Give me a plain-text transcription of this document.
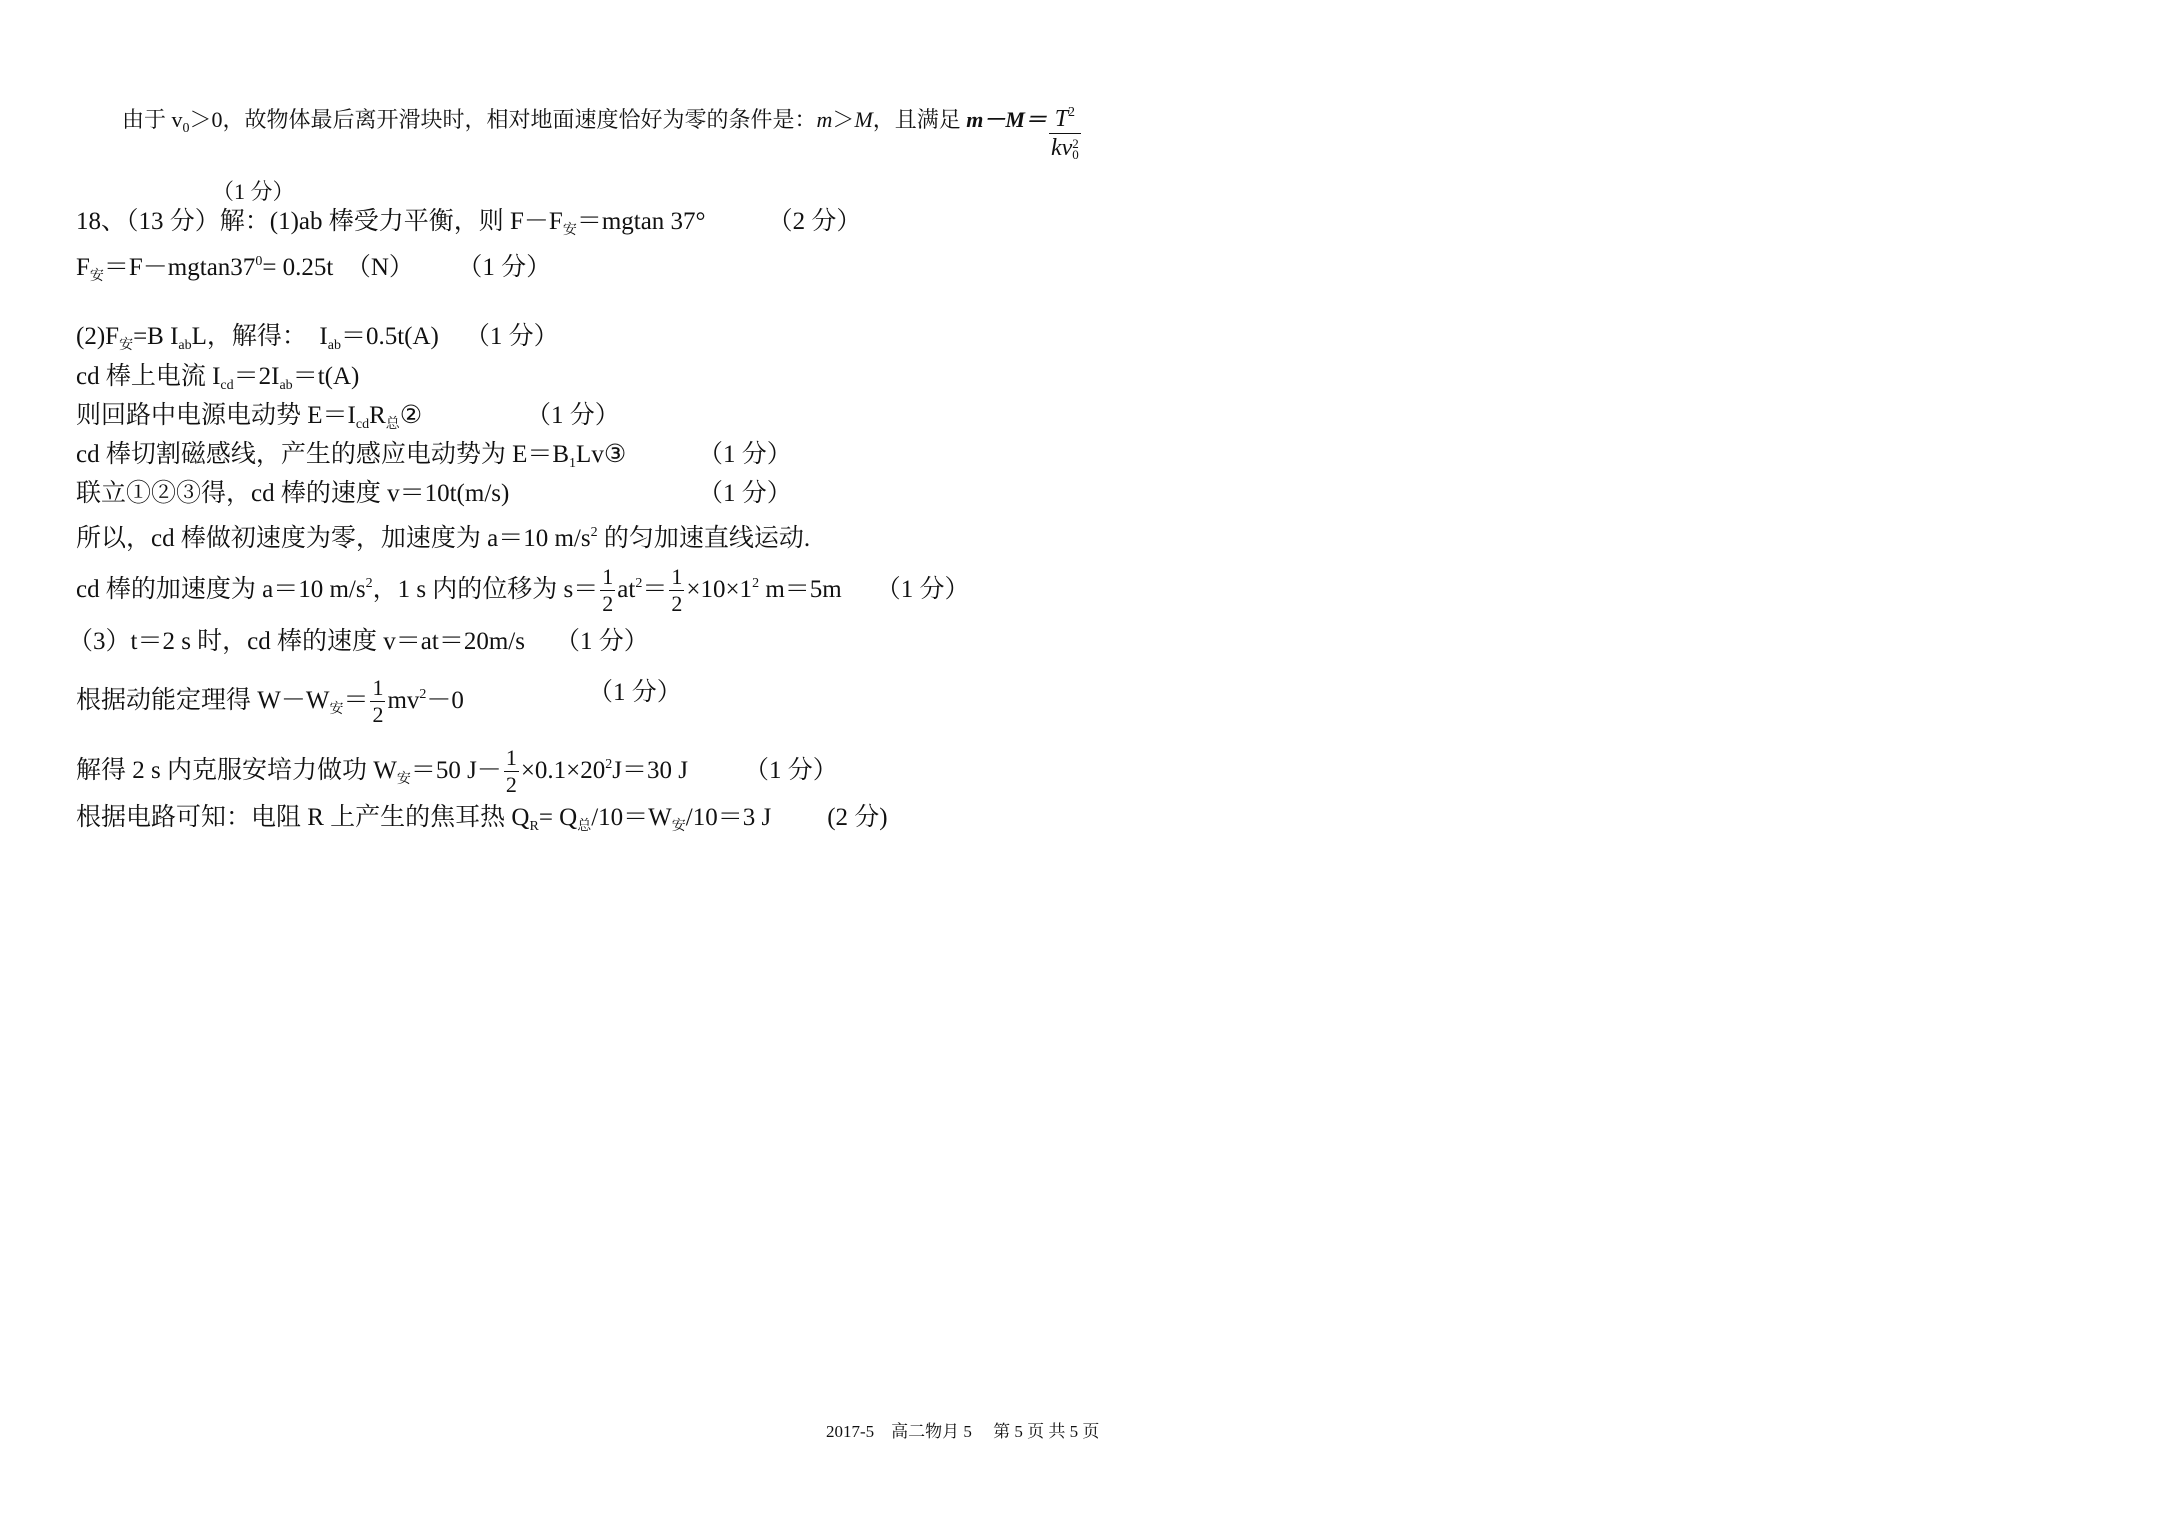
由于 $v_0>0$，故物体最后离开滑块时，相对地面速度恰好为零的条件是：m＞M，且满足 $m-M= T^2$
kv 2
0
（1 分）
18、（13 分）解：(1)ab 棒受力平衡，则 $F-F_安=mgtan$ 37° （2 分）
$F_安=F-mgtan37^0= 0.25t$　（N） （1 分）
$(2)F_安=B$ $I_{ab}L$，解得：　$I_{ab}=0.5t(A)$ （1 分）
cd 棒上电流 $I_{cd}=2I_{ab}=t(A)$
则回路中电源电动势 $E=I_{cd}R_总②$	（1 分）
cd 棒切割磁感线，产生的感应电动势为 $E=B_1Lv③$	（1 分）
联立①②③得，cd 棒的速度 v＝10t(m/s)	（1 分）
所以，cd 棒做初速度为零，加速度为 a＝10 $m/s^2$ 的匀加速直线运动.
cd 棒的加速度为 a＝10 $m/s^2$，1 s 内的位移为 $s= \frac{1}{2} at^2= \frac{1}{2} \times 10\times 1^2$ m＝5m （1 分）
（3）t＝2 s 时，cd 棒的速度 v＝at＝20m/s （1 分）
根据动能定理得 $W-W_安= \frac{1}{2} mv^2-0$	（1 分）
解得 2 s 内克服安培力做功 $W_安=50$ $J- \frac{1}{2} \times 0.1\times 20^2J=30$ J （1 分）
根据电路可知：电阻 R 上产生的焦耳热 $Q_R= Q_总/10=W_安/10=3$ J (2 分)
2017-5　高二物月 5　 第 5 页 共 5 页
